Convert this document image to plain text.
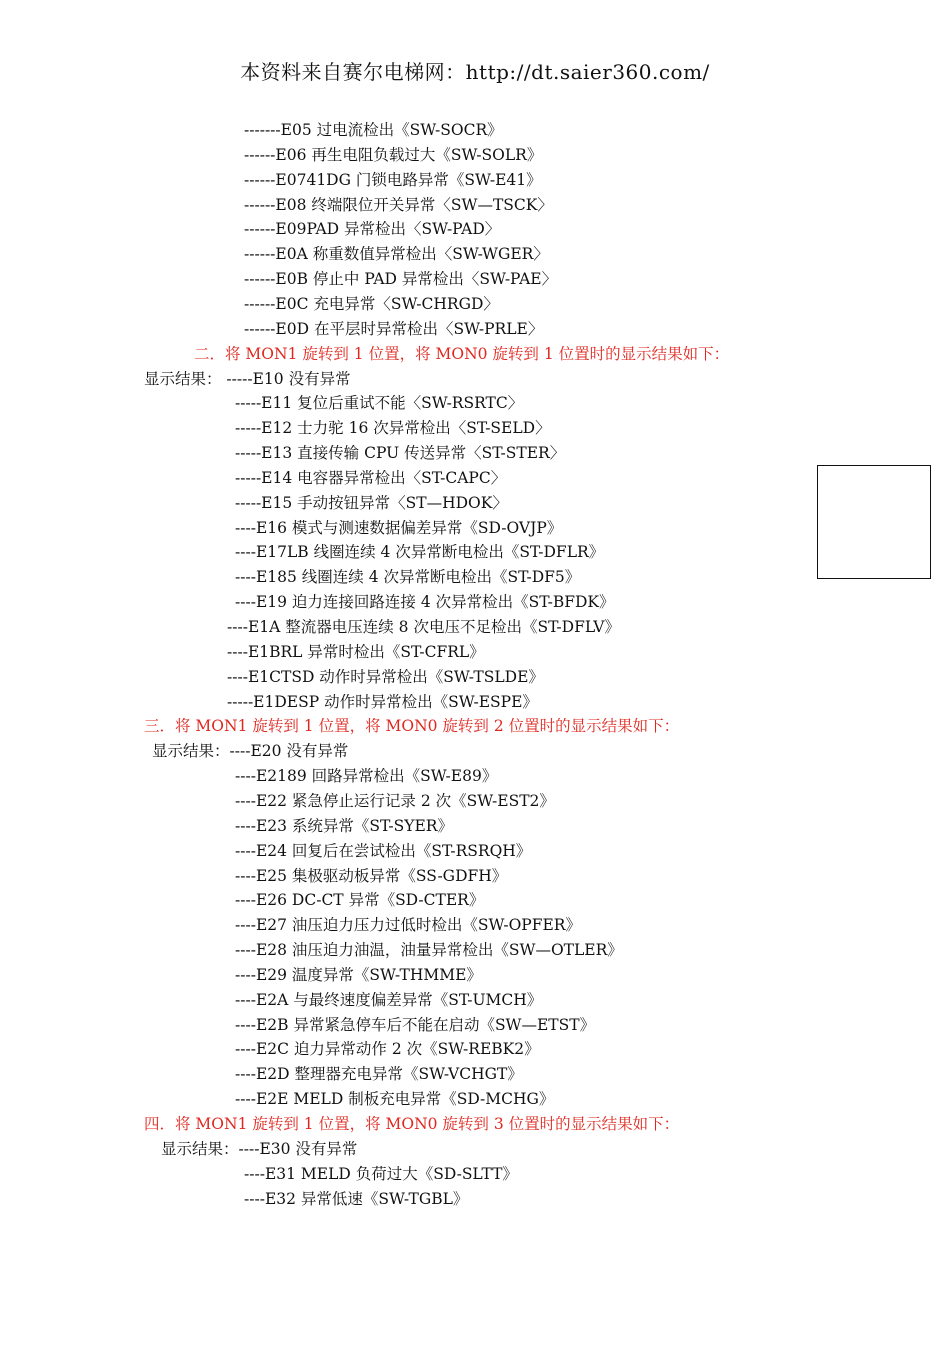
本资料来自赛尔电梯网：http://dt.saier360.com/
-------E05 过电流检出《SW-SOCR》
------E06 再生电阻负载过大《SW-SOLR》
------E0741DG 门锁电路异常《SW-E41》
------E08 终端限位开关异常〈SW—TSCK〉
------E09PAD 异常检出〈SW-PAD〉
------E0A 称重数值异常检出〈SW-WGER〉
------E0B 停止中 PAD 异常检出〈SW-PAE〉
------E0C 充电异常〈SW-CHRGD〉
------E0D 在平层时异常检出〈SW-PRLE〉
二．将 MON1 旋转到 1 位置，将 MON0 旋转到 1 位置时的显示结果如下：
显示结果： -----E10 没有异常
-----E11 复位后重试不能〈SW-RSRTC〉
-----E12 士力驼 16 次异常检出〈ST-SELD〉
-----E13 直接传输 CPU 传送异常〈ST-STER〉
-----E14 电容器异常检出〈ST-CAPC〉
-----E15 手动按钮异常〈ST—HDOK〉
----E16 模式与测速数据偏差异常《SD-OVJP》
----E17LB 线圈连续 4 次异常断电检出《ST-DFLR》
----E185 线圈连续 4 次异常断电检出《ST-DF5》
----E19 迫力连接回路连接 4 次异常检出《ST-BFDK》
----E1A 整流器电压连续 8 次电压不足检出《ST-DFLV》
----E1BRL 异常时检出《ST-CFRL》
----E1CTSD 动作时异常检出《SW-TSLDE》
-----E1DESP 动作时异常检出《SW-ESPE》
三．将 MON1 旋转到 1 位置，将 MON0 旋转到 2 位置时的显示结果如下：
显示结果：----E20 没有异常
----E2189 回路异常检出《SW-E89》
----E22 紧急停止运行记录 2 次《SW-EST2》
----E23 系统异常《ST-SYER》
----E24 回复后在尝试检出《ST-RSRQH》
----E25 集极驱动板异常《SS-GDFH》
----E26 DC-CT 异常《SD-CTER》
----E27 油压迫力压力过低时检出《SW-OPFER》
----E28 油压迫力油温，油量异常检出《SW—OTLER》
----E29 温度异常《SW-THMME》
----E2A 与最终速度偏差异常《ST-UMCH》
----E2B 异常紧急停车后不能在启动《SW—ETST》
----E2C 迫力异常动作 2 次《SW-REBK2》
----E2D 整理器充电异常《SW-VCHGT》
----E2E MELD 制板充电异常《SD-MCHG》
四．将 MON1 旋转到 1 位置，将 MON0 旋转到 3 位置时的显示结果如下：
显示结果：----E30 没有异常
----E31 MELD 负荷过大《SD-SLTT》
----E32 异常低速《SW-TGBL》
